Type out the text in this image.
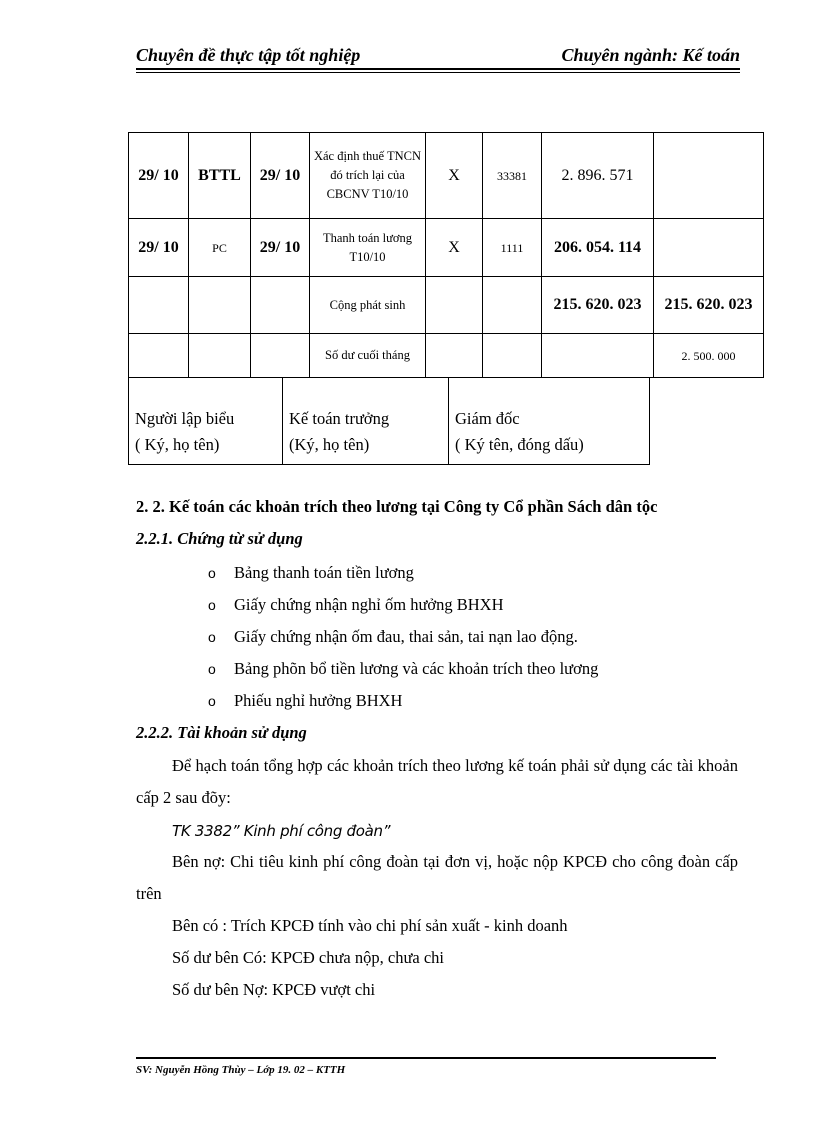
Chuyên đề thực tập tốt nghiệp	Chuyên ngành: Kế toán
29/ 10	BTTL	29/ 10	Xác định thuế TNCN đó trích lại của CBCNV T10/10	X	33381	2. 896. 571	
29/ 10	PC	29/ 10	Thanh toán lương T10/10	X	1111	206. 054. 114	
			Cộng phát sinh			215. 620. 023	215. 620. 023
			Số dư cuối tháng				2. 500. 000
Người lập biểu
( Ký, họ tên)

Kế toán trưởng
(Ký, họ tên)

Giám đốc
( Ký tên, đóng dấu)
2. 2. Kế toán các khoản trích theo lương tại Công ty Cổ phần Sách dân tộc
2.2.1. Chứng từ sử dụng
o Bảng thanh toán tiền lương
o Giấy chứng nhận nghỉ ốm hưởng BHXH
o Giấy chứng nhận ốm đau, thai sản, tai nạn lao động.
o Bảng phõn bổ tiền lương và các khoản trích theo lương
o Phiếu nghỉ hưởng BHXH
2.2.2. Tài khoản sử dụng
Để hạch toán tổng hợp các khoản trích theo lương kế toán phải sử dụng các tài khoản cấp 2 sau đõy:
TK 3382” Kinh phí công đoàn”
Bên nợ: Chi tiêu kinh phí công đoàn tại đơn vị, hoặc nộp KPCĐ cho công đoàn cấp trên
Bên có : Trích KPCĐ tính vào chi phí sản xuất - kinh doanh
Số dư bên Có: KPCĐ chưa nộp, chưa chi
Số dư bên Nợ: KPCĐ vượt chi
SV: Nguyễn Hồng Thùy – Lớp 19. 02 – KTTH
